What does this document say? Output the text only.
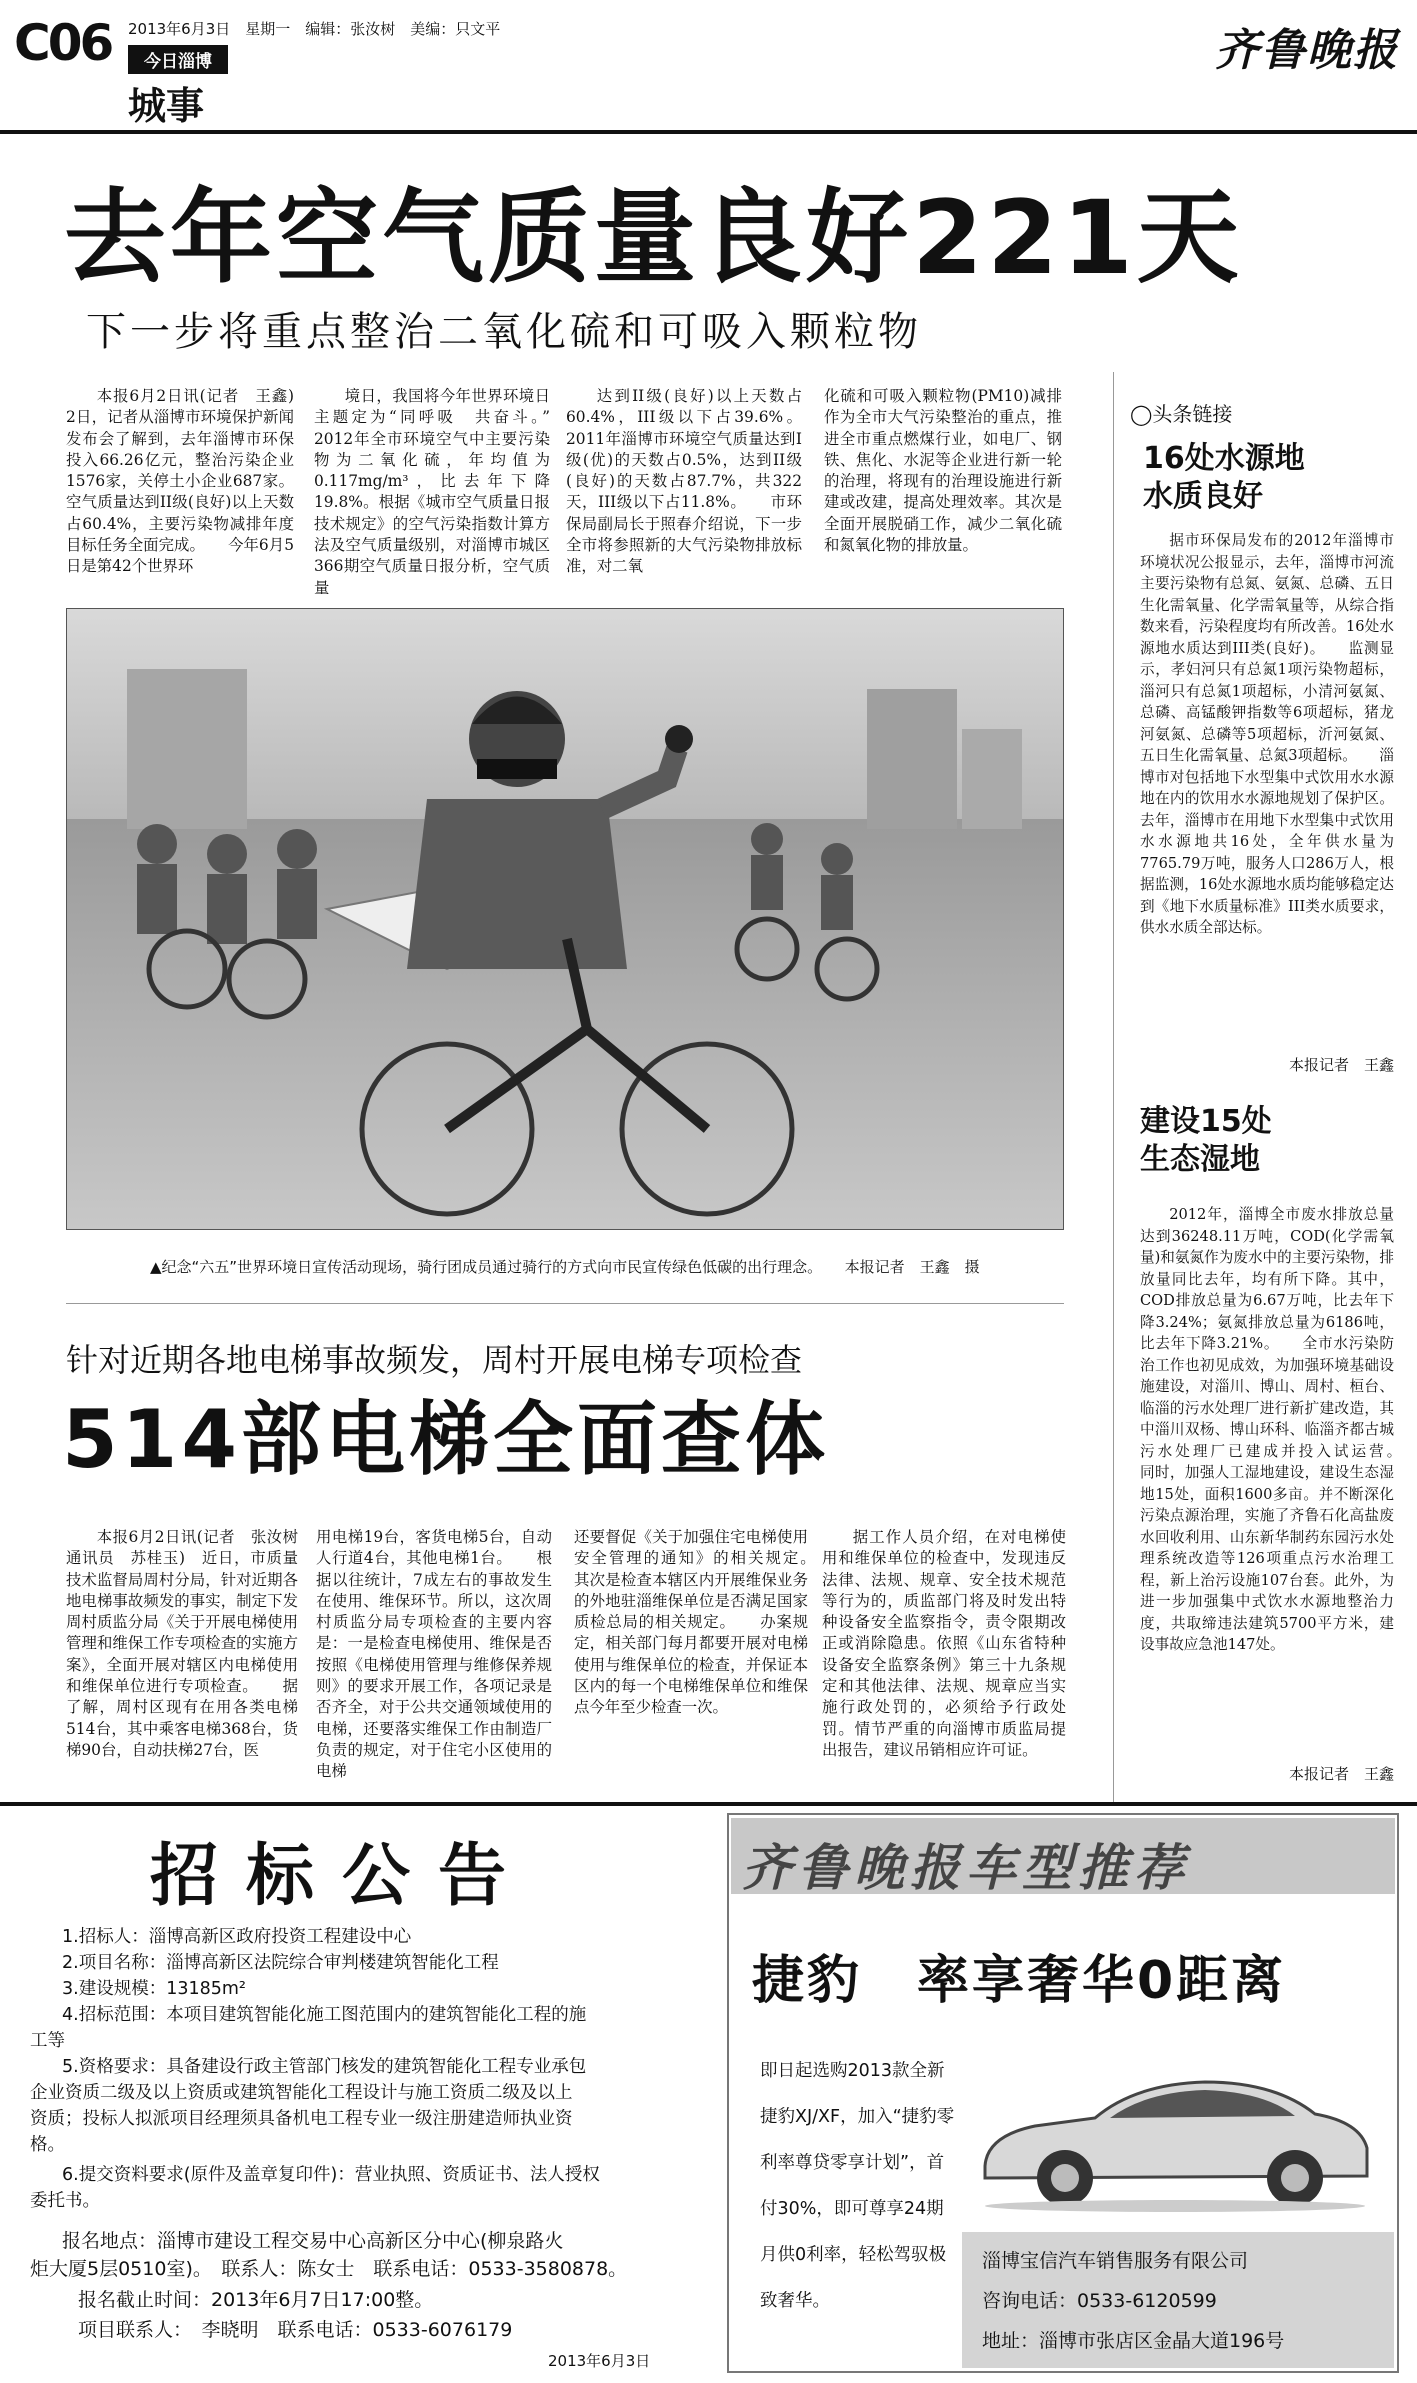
C06 2013年6月3日　星期一　编辑：张汝树　美编：只文平
今日淄博
城事
齐鲁晚报
去年空气质量良好221天
下一步将重点整治二氧化硫和可吸入颗粒物

本报6月2日讯(记者　王鑫)　2日，记者从淄博市环境保护新闻发布会了解到，去年淄博市环保投入66.26亿元，整治污染企业1576家，关停土小企业687家。空气质量达到II级(良好)以上天数占60.4%，主要污染物减排年度目标任务全面完成。　　今年6月5日是第42个世界环

境日，我国将今年世界环境日主题定为“同呼吸　共奋斗。”　　2012年全市环境空气中主要污染物为二氧化硫，年均值为0.117mg/m³，比去年下降19.8%。根据《城市空气质量日报技术规定》的空气污染指数计算方法及空气质量级别，对淄博市城区366期空气质量日报分析，空气质量

达到II级(良好)以上天数占60.4%，III级以下占39.6%。2011年淄博市环境空气质量达到I级(优)的天数占0.5%，达到II级(良好)的天数占87.7%，共322天，III级以下占11.8%。　　市环保局副局长于照春介绍说，下一步全市将参照新的大气污染物排放标准，对二氧

化硫和可吸入颗粒物(PM10)减排作为全市大气污染整治的重点，推进全市重点燃煤行业，如电厂、钢铁、焦化、水泥等企业进行新一轮的治理，将现有的治理设施进行新建或改建，提高处理效率。其次是全面开展脱硝工作，减少二氧化硫和氮氧化物的排放量。

▲纪念“六五”世界环境日宣传活动现场，骑行团成员通过骑行的方式向市民宣传绿色低碳的出行理念。　　本报记者　王鑫　摄
◯头条链接
16处水源地
水质良好
据市环保局发布的2012年淄博市环境状况公报显示，去年，淄博市河流主要污染物有总氮、氨氮、总磷、五日生化需氧量、化学需氧量等，从综合指数来看，污染程度均有所改善。16处水源地水质达到III类(良好)。　　监测显示，孝妇河只有总氮1项污染物超标，淄河只有总氮1项超标，小清河氨氮、总磷、高锰酸钾指数等6项超标，猪龙河氨氮、总磷等5项超标，沂河氨氮、五日生化需氧量、总氮3项超标。　　淄博市对包括地下水型集中式饮用水水源地在内的饮用水水源地规划了保护区。去年，淄博市在用地下水型集中式饮用水水源地共16处，全年供水量为7765.79万吨，服务人口286万人，根据监测，16处水源地水质均能够稳定达到《地下水质量标准》III类水质要求，供水水质全部达标。
本报记者　王鑫
建设15处
生态湿地
2012年，淄博全市废水排放总量达到36248.11万吨，COD(化学需氧量)和氨氮作为废水中的主要污染物，排放量同比去年，均有所下降。其中，COD排放总量为6.67万吨，比去年下降3.24%；氨氮排放总量为6186吨，比去年下降3.21%。　　全市水污染防治工作也初见成效，为加强环境基础设施建设，对淄川、博山、周村、桓台、临淄的污水处理厂进行新扩建改造，其中淄川双杨、博山环科、临淄齐都古城污水处理厂已建成并投入试运营。　　同时，加强人工湿地建设，建设生态湿地15处，面积1600多亩。并不断深化污染点源治理，实施了齐鲁石化高盐废水回收利用、山东新华制药东园污水处理系统改造等126项重点污水治理工程，新上治污设施107台套。此外，为进一步加强集中式饮水水源地整治力度，共取缔违法建筑5700平方米，建设事故应急池147处。
本报记者　王鑫
针对近期各地电梯事故频发，周村开展电梯专项检查
514部电梯全面查体

本报6月2日讯(记者　张汝树　通讯员　苏桂玉)　近日，市质量技术监督局周村分局，针对近期各地电梯事故频发的事实，制定下发周村质监分局《关于开展电梯使用管理和维保工作专项检查的实施方案》，全面开展对辖区内电梯使用和维保单位进行专项检查。　　据了解，周村区现有在用各类电梯514台，其中乘客电梯368台，货梯90台，自动扶梯27台，医

用电梯19台，客货电梯5台，自动人行道4台，其他电梯1台。　　根据以往统计，7成左右的事故发生在使用、维保环节。所以，这次周村质监分局专项检查的主要内容是：一是检查电梯使用、维保是否按照《电梯使用管理与维修保养规则》的要求开展工作，各项记录是否齐全，对于公共交通领域使用的电梯，还要落实维保工作由制造厂负责的规定，对于住宅小区使用的电梯

还要督促《关于加强住宅电梯使用安全管理的通知》的相关规定。　　其次是检查本辖区内开展维保业务的外地驻淄维保单位是否满足国家质检总局的相关规定。　　办案规定，相关部门每月都要开展对电梯使用与维保单位的检查，并保证本区内的每一个电梯维保单位和维保点今年至少检查一次。

据工作人员介绍，在对电梯使用和维保单位的检查中，发现违反法律、法规、规章、安全技术规范等行为的，质监部门将及时发出特种设备安全监察指令，责令限期改正或消除隐患。依照《山东省特种设备安全监察条例》第三十九条规定和其他法律、法规、规章应当实施行政处罚的，必须给予行政处罚。情节严重的向淄博市质监局提出报告，建议吊销相应许可证。

招标公告
1.招标人：淄博高新区政府投资工程建设中心
2.项目名称：淄博高新区法院综合审判楼建筑智能化工程
3.建设规模：13185m²
4.招标范围：本项目建筑智能化施工图范围内的建筑智能化工程的施
工等
5.资格要求：具备建设行政主管部门核发的建筑智能化工程专业承包
企业资质二级及以上资质或建筑智能化工程设计与施工资质二级及以上
资质；投标人拟派项目经理须具备机电工程专业一级注册建造师执业资
格。
6.提交资料要求(原件及盖章复印件)：营业执照、资质证书、法人授权
委托书。
报名地点：淄博市建设工程交易中心高新区分中心(柳泉路火
炬大厦5层0510室)。　联系人：陈女士　联系电话：0533-3580878。
报名截止时间：2013年6月7日17:00整。
项目联系人：　李晓明　联系电话：0533-6076179
2013年6月3日
齐鲁晚报车型推荐
捷豹　率享奢华0距离
即日起选购2013款全新捷豹XJ/XF，加入“捷豹零利率尊贷零享计划”，首付30%，即可尊享24期月供0利率，轻松驾驭极致奢华。
淄博宝信汽车销售服务有限公司
咨询电话：0533-6120599
地址：淄博市张店区金晶大道196号
